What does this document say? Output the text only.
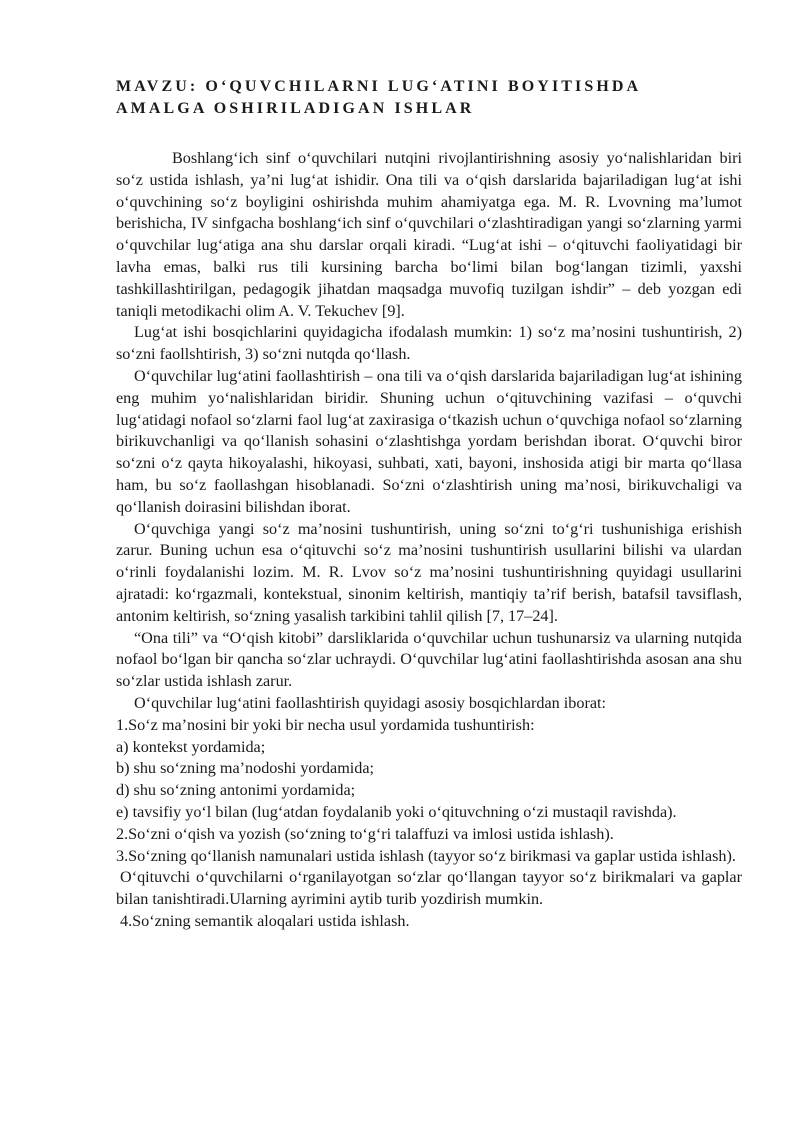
MAVZU: O‘QUVCHILARNI LUG‘ATINI BOYITISHDA
AMALGA OSHIRILADIGAN ISHLAR

Boshlang‘ich sinf o‘quvchilari nutqini rivojlantirishning asosiy yo‘nalishlaridan biri so‘z ustida ishlash, ya’ni lug‘at ishidir. Ona tili va o‘qish darslarida bajariladigan lug‘at ishi o‘quvchining so‘z boyligini oshirishda muhim ahamiyatga ega. M. R. Lvovning ma’lumot berishicha, IV sinfgacha boshlang‘ich sinf o‘quvchilari o‘zlashtiradigan yangi so‘zlarning yarmi o‘quvchilar lug‘atiga ana shu darslar orqali kiradi. “Lug‘at ishi – o‘qituvchi faoliyatidagi bir lavha emas, balki rus tili kursining barcha bo‘limi bilan bog‘langan tizimli, yaxshi tashkillashtirilgan, pedagogik jihatdan maqsadga muvofiq tuzilgan ishdir” – deb yozgan edi taniqli metodikachi olim A. V. Tekuchev [9].

Lug‘at ishi bosqichlarini quyidagicha ifodalash mumkin: 1) so‘z ma’nosini tushuntirish, 2) so‘zni faollshtirish, 3) so‘zni nutqda qo‘llash.

O‘quvchilar lug‘atini faollashtirish – ona tili va o‘qish darslarida bajariladigan lug‘at ishining eng muhim yo‘nalishlaridan biridir. Shuning uchun o‘qituvchining vazifasi – o‘quvchi lug‘atidagi nofaol so‘zlarni faol lug‘at zaxirasiga o‘tkazish uchun o‘quvchiga nofaol so‘zlarning birikuvchanligi va qo‘llanish sohasini o‘zlashtishga yordam berishdan iborat. O‘quvchi biror so‘zni o‘z qayta hikoyalashi, hikoyasi, suhbati, xati, bayoni, inshosida atigi bir marta qo‘llasa ham, bu so‘z faollashgan hisoblanadi. So‘zni o‘zlashtirish uning ma’nosi, birikuvchaligi va qo‘llanish doirasini bilishdan iborat.

O‘quvchiga yangi so‘z ma’nosini tushuntirish, uning so‘zni to‘g‘ri tushunishiga erishish zarur. Buning uchun esa o‘qituvchi so‘z ma’nosini tushuntirish usullarini bilishi va ulardan o‘rinli foydalanishi lozim. M. R. Lvov so‘z ma’nosini tushuntirishning quyidagi usullarini ajratadi: ko‘rgazmali, kontekstual, sinonim keltirish, mantiqiy ta’rif berish, batafsil tavsiflash, antonim keltirish, so‘zning yasalish tarkibini tahlil qilish [7, 17–24].

“Ona tili” va “O‘qish kitobi” darsliklarida o‘quvchilar uchun tushunarsiz va ularning nutqida nofaol bo‘lgan bir qancha so‘zlar uchraydi. O‘quvchilar lug‘atini faollashtirishda asosan ana shu so‘zlar ustida ishlash zarur.

O‘quvchilar lug‘atini faollashtirish quyidagi asosiy bosqichlardan iborat:

1.So‘z ma’nosini bir yoki bir necha usul yordamida tushuntirish:

a) kontekst yordamida;

b) shu so‘zning ma’nodoshi yordamida;

d) shu so‘zning antonimi yordamida;

e) tavsifiy yo‘l bilan (lug‘atdan foydalanib yoki o‘qituvchning o‘zi mustaqil ravishda).

2.So‘zni o‘qish va yozish (so‘zning to‘g‘ri talaffuzi va imlosi ustida ishlash).

3.So‘zning qo‘llanish namunalari ustida ishlash (tayyor so‘z birikmasi va gaplar ustida ishlash).

O‘qituvchi o‘quvchilarni o‘rganilayotgan so‘zlar qo‘llangan tayyor so‘z birikmalari va gaplar bilan tanishtiradi.Ularning ayrimini aytib turib yozdirish mumkin.

4.So‘zning semantik aloqalari ustida ishlash.
